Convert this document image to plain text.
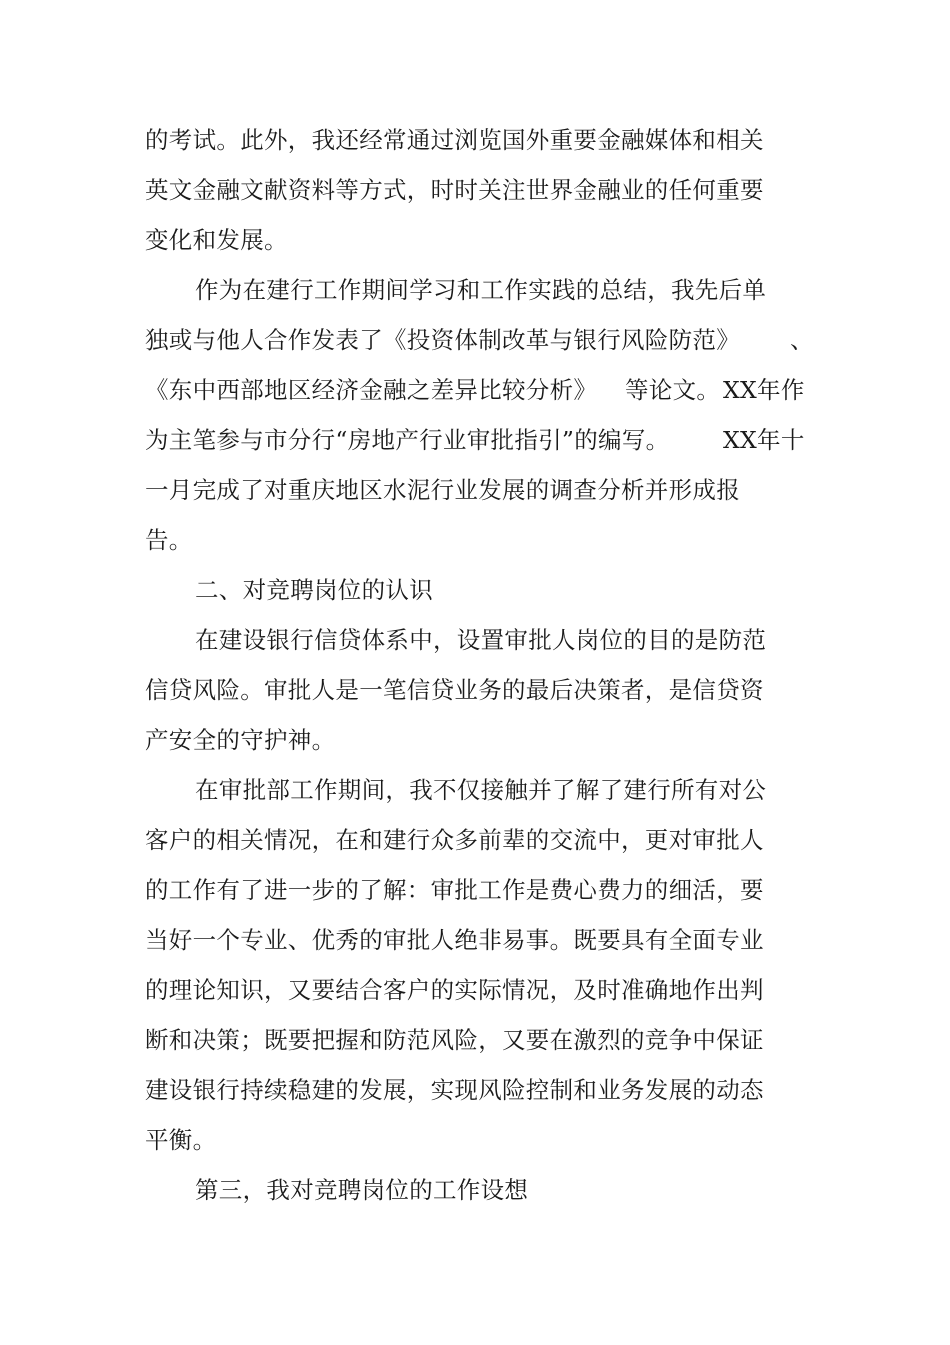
的考试。此外，我还经常通过浏览国外重要金融媒体和相关
英文金融文献资料等方式，时时关注世界金融业的任何重要
变化和发展。
作为在建行工作期间学习和工作实践的总结，我先后单
独或与他人合作发表了《投资体制改革与银行风险防范》 、
《东中西部地区经济金融之差异比较分析》 等论文。 XX年作
为主笔参与市分行“房地产行业审批指引”的编写。 XX年十
一月完成了对重庆地区水泥行业发展的调查分析并形成报
告。
二、对竞聘岗位的认识
在建设银行信贷体系中，设置审批人岗位的目的是防范
信贷风险。审批人是一笔信贷业务的最后决策者，是信贷资
产安全的守护神。
在审批部工作期间，我不仅接触并了解了建行所有对公
客户的相关情况，在和建行众多前辈的交流中，更对审批人
的工作有了进一步的了解：审批工作是费心费力的细活，要
当好一个专业、优秀的审批人绝非易事。既要具有全面专业
的理论知识，又要结合客户的实际情况，及时准确地作出判
断和决策；既要把握和防范风险，又要在激烈的竞争中保证
建设银行持续稳建的发展，实现风险控制和业务发展的动态
平衡。
第三，我对竞聘岗位的工作设想
